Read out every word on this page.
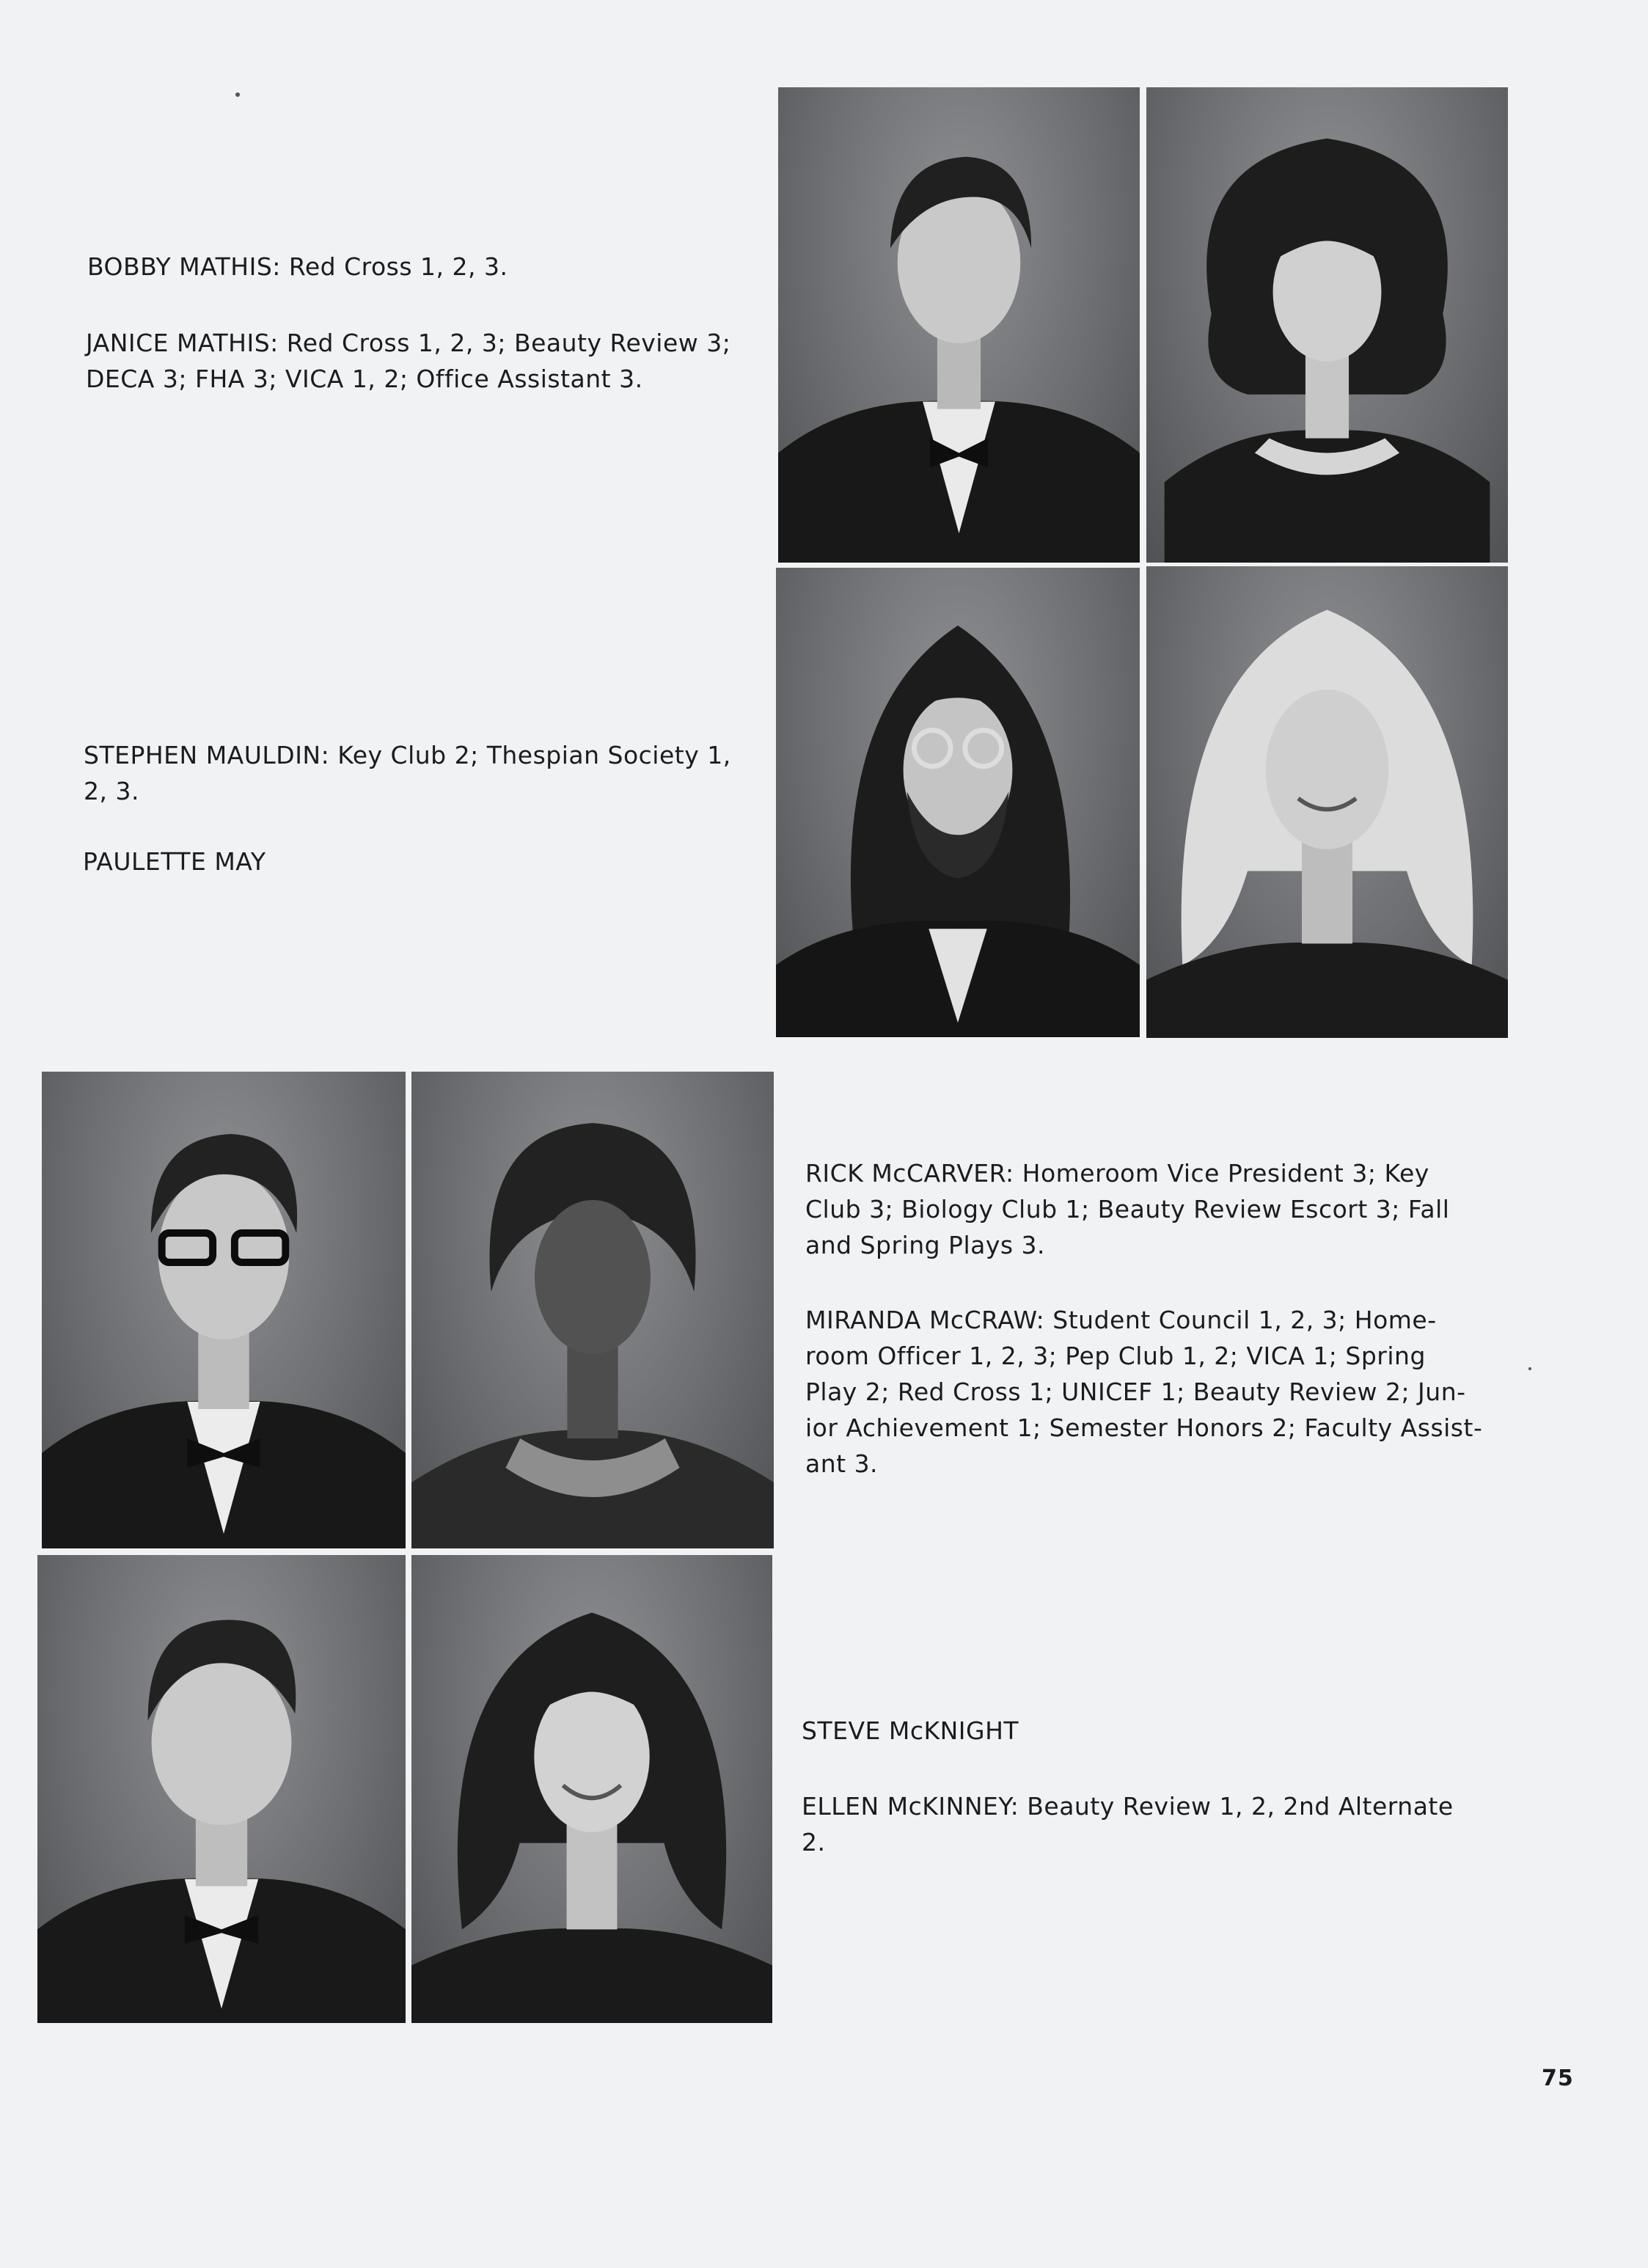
BOBBY MATHIS: Red Cross 1, 2, 3.

JANICE MATHIS: Red Cross 1, 2, 3; Beauty Review 3;
DECA 3; FHA 3; VICA 1, 2; Office Assistant 3.

STEPHEN MAULDIN: Key Club 2; Thespian Society 1,
2, 3.

PAULETTE MAY

RICK McCARVER: Homeroom Vice President 3; Key
Club 3; Biology Club 1; Beauty Review Escort 3; Fall
and Spring Plays 3.

MIRANDA McCRAW: Student Council 1, 2, 3; Home-
room Officer 1, 2, 3; Pep Club 1, 2; VICA 1; Spring
Play 2; Red Cross 1; UNICEF 1; Beauty Review 2; Jun-
ior Achievement 1; Semester Honors 2; Faculty Assist-
ant 3.

STEVE McKNIGHT

ELLEN McKINNEY: Beauty Review 1, 2, 2nd Alternate
2.

75
